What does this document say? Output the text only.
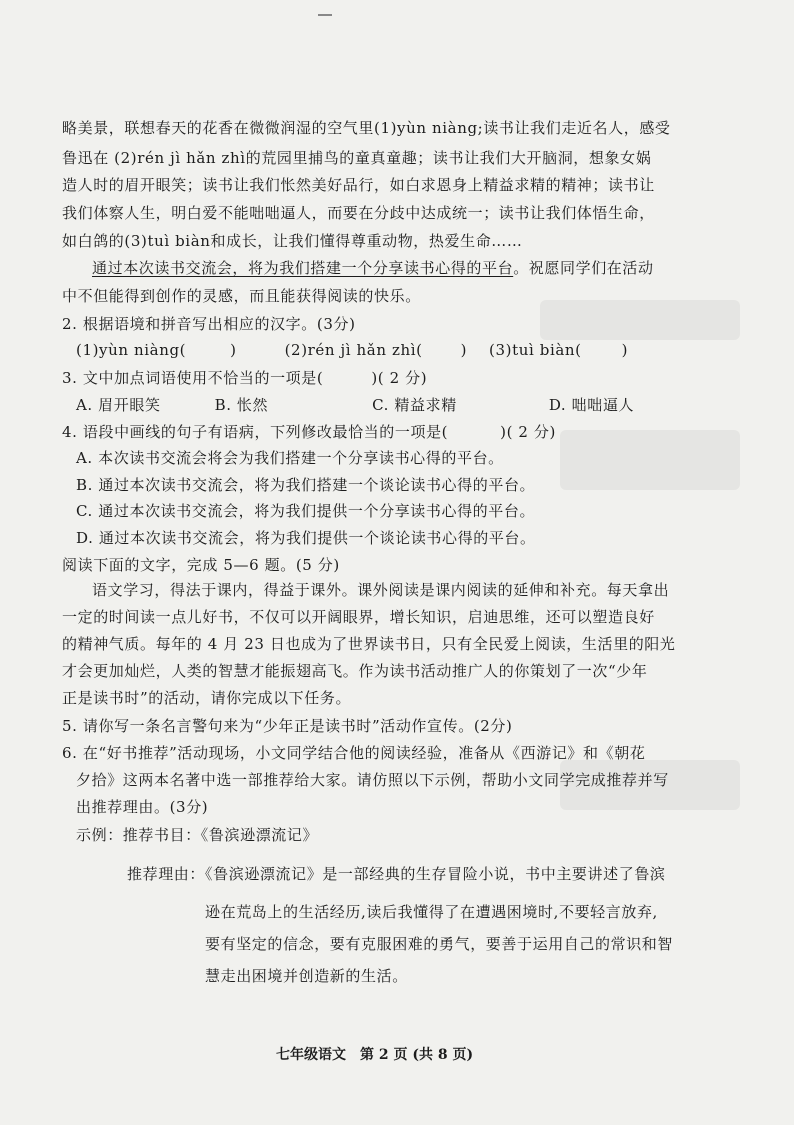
略美景，联想春天的花香在微微润湿的空气里(1)yùn niàng;读书让我们走近名人，感受
鲁迅在 (2)rén jì hǎn zhì的荒园里捕鸟的童真童趣；读书让我们大开脑洞，想象女娲
造人时的眉开眼笑；读书让我们怅然美好品行，如白求恩身上精益求精的精神；读书让
我们体察人生，明白爱不能咄咄逼人，而要在分歧中达成统一；读书让我们体悟生命，
如白鸽的(3)tuì biàn和成长，让我们懂得尊重动物，热爱生命……
通过本次读书交流会，将为我们搭建一个分享读书心得的平台。祝愿同学们在活动
中不但能得到创作的灵感，而且能获得阅读的快乐。
2. 根据语境和拼音写出相应的汉字。(3分)
(1)yùn niàng(	)	(2)rén jì hǎn zhì(	) (3)tuì biàn(	)
3. 文中加点词语使用不恰当的一项是(	)( 2 分)
A. 眉开眼笑	B. 怅然	C. 精益求精	D. 咄咄逼人
4. 语段中画线的句子有语病，下列修改最恰当的一项是(	)( 2 分)
A. 本次读书交流会将会为我们搭建一个分享读书心得的平台。
B. 通过本次读书交流会，将为我们搭建一个谈论读书心得的平台。
C. 通过本次读书交流会，将为我们提供一个分享读书心得的平台。
D. 通过本次读书交流会，将为我们提供一个谈论读书心得的平台。
阅读下面的文字，完成 5—6 题。(5 分)
语文学习，得法于课内，得益于课外。课外阅读是课内阅读的延伸和补充。每天拿出
一定的时间读一点儿好书，不仅可以开阔眼界，增长知识，启迪思维，还可以塑造良好
的精神气质。每年的 4 月 23 日也成为了世界读书日，只有全民爱上阅读，生活里的阳光
才会更加灿烂，人类的智慧才能振翅高飞。作为读书活动推广人的你策划了一次“少年
正是读书时”的活动，请你完成以下任务。
5. 请你写一条名言警句来为“少年正是读书时”活动作宣传。(2分)
6. 在“好书推荐”活动现场，小文同学结合他的阅读经验，准备从《西游记》和《朝花
夕拾》这两本名著中选一部推荐给大家。请仿照以下示例，帮助小文同学完成推荐并写
出推荐理由。(3分)
示例：推荐书目：《鲁滨逊漂流记》
推荐理由：《鲁滨逊漂流记》是一部经典的生存冒险小说，书中主要讲述了鲁滨
逊在荒岛上的生活经历,读后我懂得了在遭遇困境时,不要轻言放弃,
要有坚定的信念，要有克服困难的勇气，要善于运用自己的常识和智
慧走出困境并创造新的生活。
七年级语文 第 2 页 (共 8 页)
